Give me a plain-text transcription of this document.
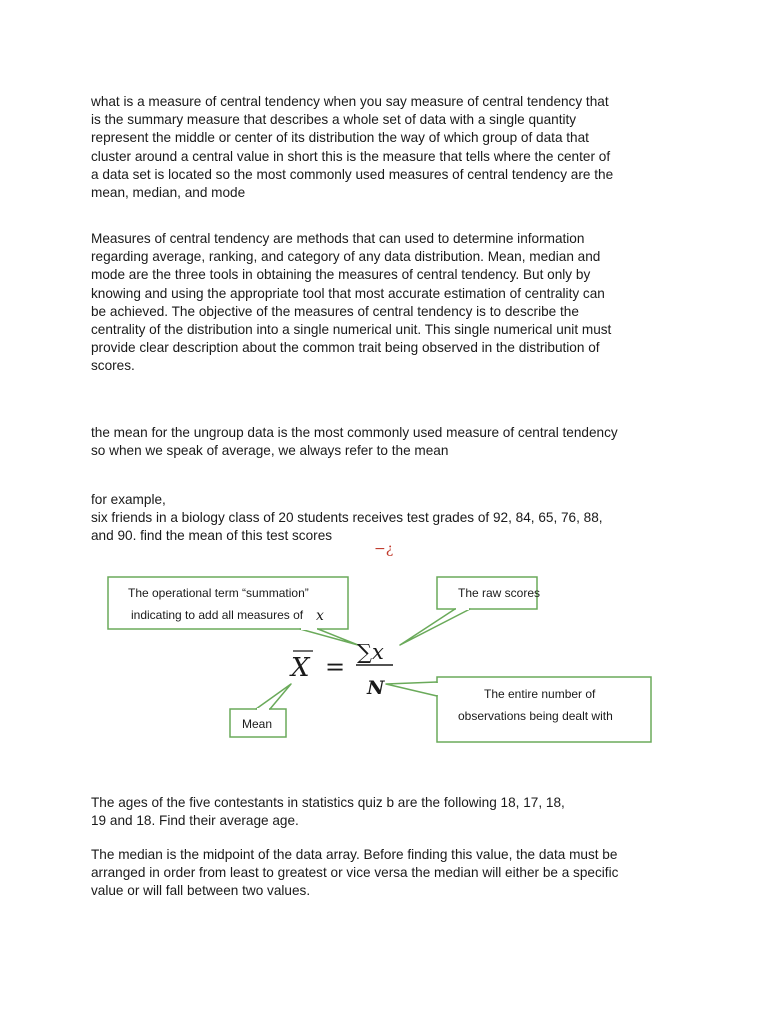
what is a measure of central tendency when you say measure of central tendency that
is the summary measure that describes a whole set of data with a single quantity
represent the middle or center of its distribution the way of which group of data that
cluster around a central value in short this is the measure that tells where the center of
a data set is located so the most commonly used measures of central tendency are the
mean, median, and mode
Measures of central tendency are methods that can used to determine information
regarding average, ranking, and category of any data distribution. Mean, median and
mode are the three tools in obtaining the measures of central tendency. But only by
knowing and using the appropriate tool that most accurate estimation of centrality can
be achieved. The objective of the measures of central tendency is to describe the
centrality of the distribution into a single numerical unit. This single numerical unit must
provide clear description about the common trait being observed in the distribution of
scores.
the mean for the ungroup data is the most commonly used measure of central tendency
so when we speak of average, we always refer to the mean
for example,
six friends in a biology class of 20 students receives test grades of 92, 84, 65, 76, 88,
and 90. find the mean of this test scores
−¿
The operational term “summation”
indicating to add all measures of x
The raw scores
The entire number of
observations being dealt with
Mean
X =
∑x
N
The ages of the five contestants in statistics quiz b are the following 18, 17, 18,
19 and 18. Find their average age.
The median is the midpoint of the data array. Before finding this value, the data must be
arranged in order from least to greatest or vice versa the median will either be a specific
value or will fall between two values.
